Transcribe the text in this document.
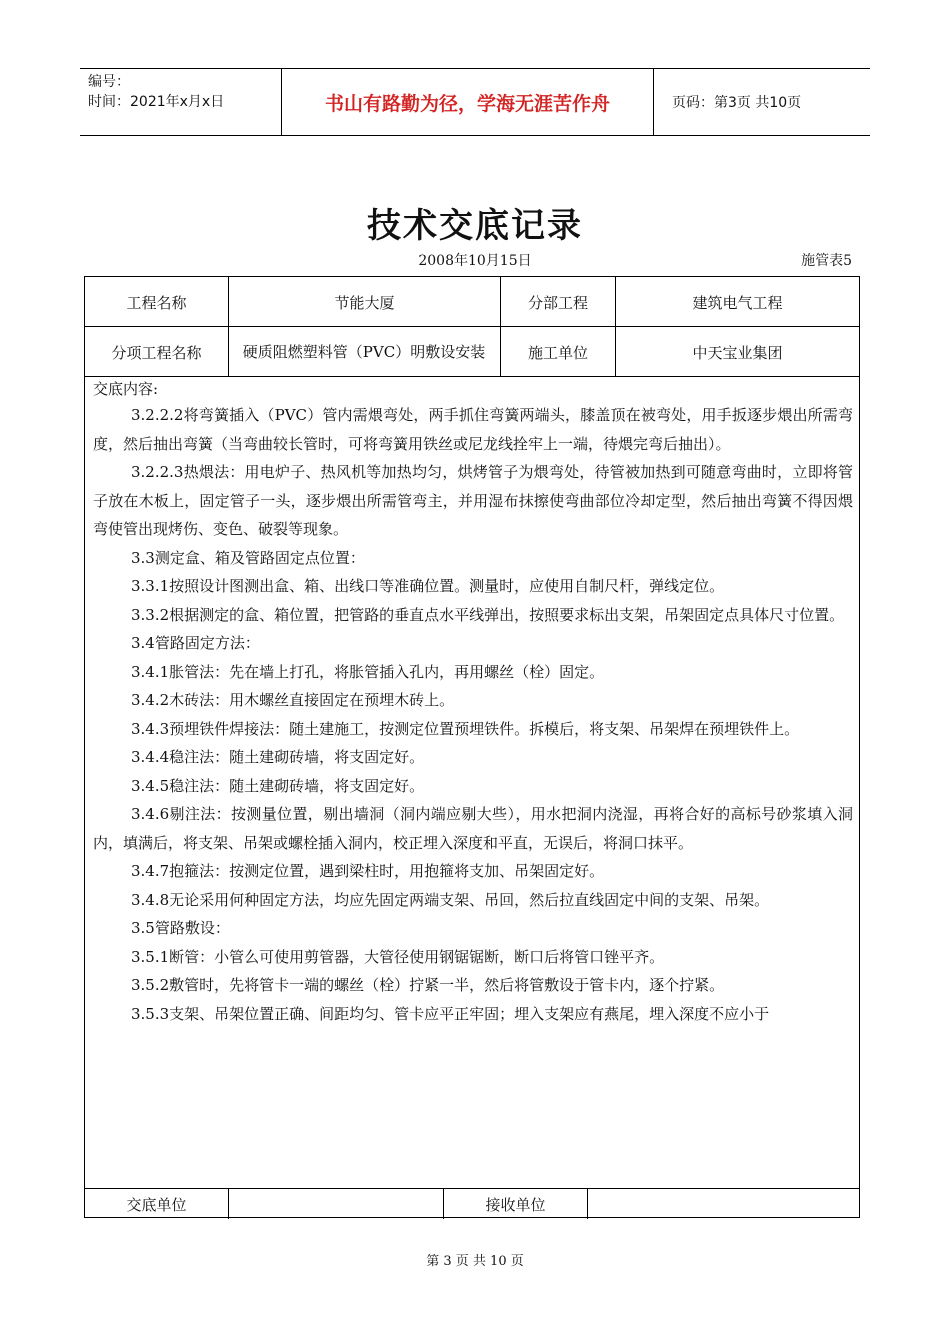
编号：
时间：2021年x月x日	书山有路勤为径，学海无涯苦作舟	页码：第3页 共10页
技术交底记录
2008年10月15日	施管表5
工程名称	节能大厦	分部工程	建筑电气工程
分项工程名称	硬质阻燃塑料管（PVC）明敷设安装	施工单位	中天宝业集团
交底内容:

3.2.2.2将弯簧插入（PVC）管内需煨弯处，两手抓住弯簧两端头，膝盖顶在被弯处，用手扳逐步煨出所需弯度，然后抽出弯簧（当弯曲较长管时，可将弯簧用铁丝或尼龙线拴牢上一端，待煨完弯后抽出）。

3.2.2.3热煨法：用电炉子、热风机等加热均匀，烘烤管子为煨弯处，待管被加热到可随意弯曲时，立即将管子放在木板上，固定管子一头，逐步煨出所需管弯主，并用湿布抹擦使弯曲部位冷却定型，然后抽出弯簧不得因煨弯使管出现烤伤、变色、破裂等现象。

3.3测定盒、箱及管路固定点位置：

3.3.1按照设计图测出盒、箱、出线口等准确位置。测量时，应使用自制尺杆，弹线定位。

3.3.2根据测定的盒、箱位置，把管路的垂直点水平线弹出，按照要求标出支架，吊架固定点具体尺寸位置。

3.4管路固定方法：

3.4.1胀管法：先在墙上打孔，将胀管插入孔内，再用螺丝（栓）固定。

3.4.2木砖法：用木螺丝直接固定在预埋木砖上。

3.4.3预埋铁件焊接法：随土建施工，按测定位置预埋铁件。拆模后，将支架、吊架焊在预埋铁件上。

3.4.4稳注法：随土建砌砖墙，将支固定好。

3.4.5稳注法：随土建砌砖墙，将支固定好。

3.4.6剔注法：按测量位置，剔出墙洞（洞内端应剔大些），用水把洞内浇湿，再将合好的高标号砂浆填入洞内，填满后，将支架、吊架或螺栓插入洞内，校正埋入深度和平直，无误后，将洞口抹平。

3.4.7抱箍法：按测定位置，遇到梁柱时，用抱箍将支加、吊架固定好。

3.4.8无论采用何种固定方法，均应先固定两端支架、吊回，然后拉直线固定中间的支架、吊架。

3.5管路敷设：

3.5.1断管：小管么可使用剪管器，大管径使用钢锯锯断，断口后将管口锉平齐。

3.5.2敷管时，先将管卡一端的螺丝（栓）拧紧一半，然后将管敷设于管卡内，逐个拧紧。

3.5.3支架、吊架位置正确、间距均匀、管卡应平正牢固；埋入支架应有燕尾，埋入深度不应小于

交底单位	接收单位
第 3 页 共 10 页
